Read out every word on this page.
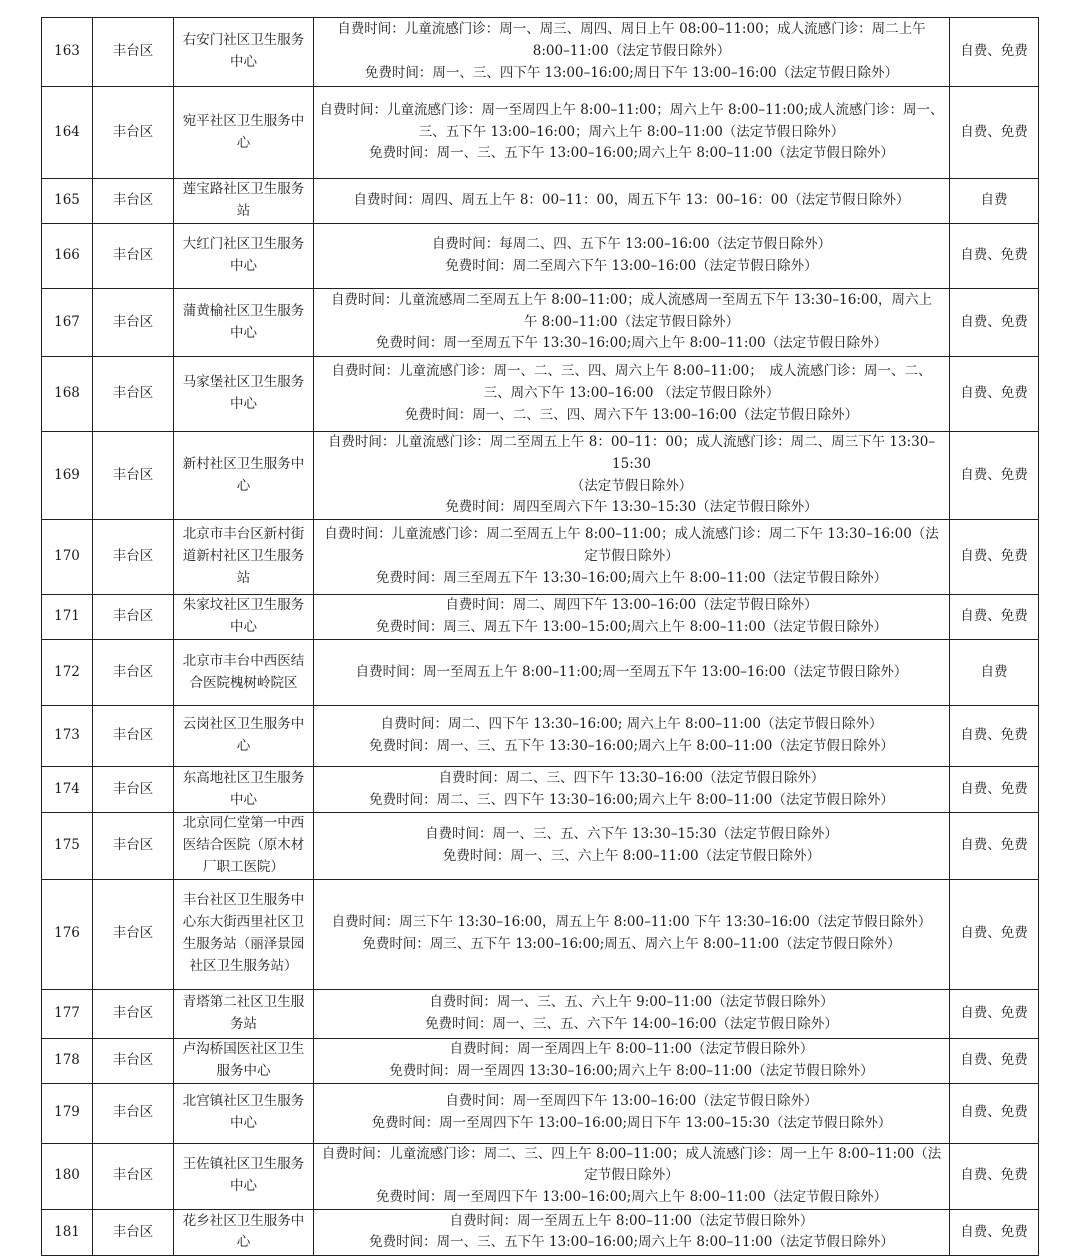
163	丰台区	右安门社区卫生服务中心	自费时间：儿童流感门诊：周一、周三、周四、周日上午 08:00–11:00；成人流感门诊：周二上午
8:00–11:00（法定节假日除外）
免费时间：周一、三、四下午 13:00–16:00;周日下午 13:00–16:00（法定节假日除外）	自费、免费
164	丰台区	宛平社区卫生服务中心	自费时间：儿童流感门诊：周一至周四上午 8:00–11:00；周六上午 8:00–11:00;成人流感门诊：周一、
三、五下午 13:00–16:00；周六上午 8:00–11:00（法定节假日除外）
免费时间：周一、三、五下午 13:00–16:00;周六上午 8:00–11:00（法定节假日除外）	自费、免费
165	丰台区	莲宝路社区卫生服务站	自费时间：周四、周五上午 8：00–11：00，周五下午 13：00–16：00（法定节假日除外）	自费
166	丰台区	大红门社区卫生服务中心	自费时间：每周二、四、五下午 13:00–16:00（法定节假日除外）
免费时间：周二至周六下午 13:00–16:00（法定节假日除外）	自费、免费
167	丰台区	蒲黄榆社区卫生服务中心	自费时间：儿童流感周二至周五上午 8:00–11:00；成人流感周一至周五下午 13:30–16:00，周六上
午 8:00–11:00（法定节假日除外）
免费时间：周一至周五下午 13:30–16:00;周六上午 8:00–11:00（法定节假日除外）	自费、免费
168	丰台区	马家堡社区卫生服务中心	自费时间：儿童流感门诊：周一、二、三、四、周六上午 8:00–11:00；　成人流感门诊：周一、二、
三、周六下午 13:00–16:00 （法定节假日除外）
免费时间：周一、二、三、四、周六下午 13:00–16:00（法定节假日除外）	自费、免费
169	丰台区	新村社区卫生服务中心	自费时间：儿童流感门诊：周二至周五上午 8：00–11：00；成人流感门诊：周二、周三下午 13:30–15:30
（法定节假日除外）
免费时间：周四至周六下午 13:30–15:30（法定节假日除外）	自费、免费
170	丰台区	北京市丰台区新村街道新村社区卫生服务站	自费时间：儿童流感门诊：周二至周五上午 8:00–11:00；成人流感门诊：周二下午 13:30–16:00（法
定节假日除外）
免费时间：周三至周五下午 13:30–16:00;周六上午 8:00–11:00（法定节假日除外）	自费、免费
171	丰台区	朱家坟社区卫生服务中心	自费时间：周二、周四下午 13:00–16:00（法定节假日除外）
免费时间：周三、周五下午 13:00–15:00;周六上午 8:00–11:00（法定节假日除外）	自费、免费
172	丰台区	北京市丰台中西医结合医院槐树岭院区	自费时间：周一至周五上午 8:00–11:00;周一至周五下午 13:00–16:00（法定节假日除外）	自费
173	丰台区	云岗社区卫生服务中心	自费时间：周二、四下午 13:30–16:00; 周六上午 8:00–11:00（法定节假日除外）
免费时间：周一、三、五下午 13:30–16:00;周六上午 8:00–11:00（法定节假日除外）	自费、免费
174	丰台区	东高地社区卫生服务中心	自费时间：周二、三、四下午 13:30–16:00（法定节假日除外）
免费时间：周二、三、四下午 13:30–16:00;周六上午 8:00–11:00（法定节假日除外）	自费、免费
175	丰台区	北京同仁堂第一中西医结合医院（原木材厂职工医院）	自费时间：周一、三、五、六下午 13:30–15:30（法定节假日除外）
免费时间：周一、三、六上午 8:00–11:00（法定节假日除外）	自费、免费
176	丰台区	丰台社区卫生服务中心东大街西里社区卫生服务站（丽泽景园社区卫生服务站）	自费时间：周三下午 13:30–16:00，周五上午 8:00–11:00 下午 13:30–16:00（法定节假日除外）
免费时间：周三、五下午 13:00–16:00;周五、周六上午 8:00–11:00（法定节假日除外）	自费、免费
177	丰台区	青塔第二社区卫生服务站	自费时间：周一、三、五、六上午 9:00–11:00（法定节假日除外）
免费时间：周一、三、五、六下午 14:00–16:00（法定节假日除外）	自费、免费
178	丰台区	卢沟桥国医社区卫生服务中心	自费时间：周一至周四上午 8:00–11:00（法定节假日除外）
免费时间：周一至周四 13:30–16:00;周六上午 8:00–11:00（法定节假日除外）	自费、免费
179	丰台区	北宫镇社区卫生服务中心	自费时间：周一至周四下午 13:00–16:00（法定节假日除外）
免费时间：周一至周四下午 13:00–16:00;周日下午 13:00–15:30（法定节假日除外）	自费、免费
180	丰台区	王佐镇社区卫生服务中心	自费时间：儿童流感门诊：周二、三、四上午 8:00–11:00；成人流感门诊：周一上午 8:00–11:00（法
定节假日除外）
免费时间：周一至周四下午 13:00–16:00;周六上午 8:00–11:00（法定节假日除外）	自费、免费
181	丰台区	花乡社区卫生服务中心	自费时间：周一至周五上午 8:00–11:00（法定节假日除外）
免费时间：周一、三、五下午 13:00–16:00;周六上午 8:00–11:00（法定节假日除外）	自费、免费
